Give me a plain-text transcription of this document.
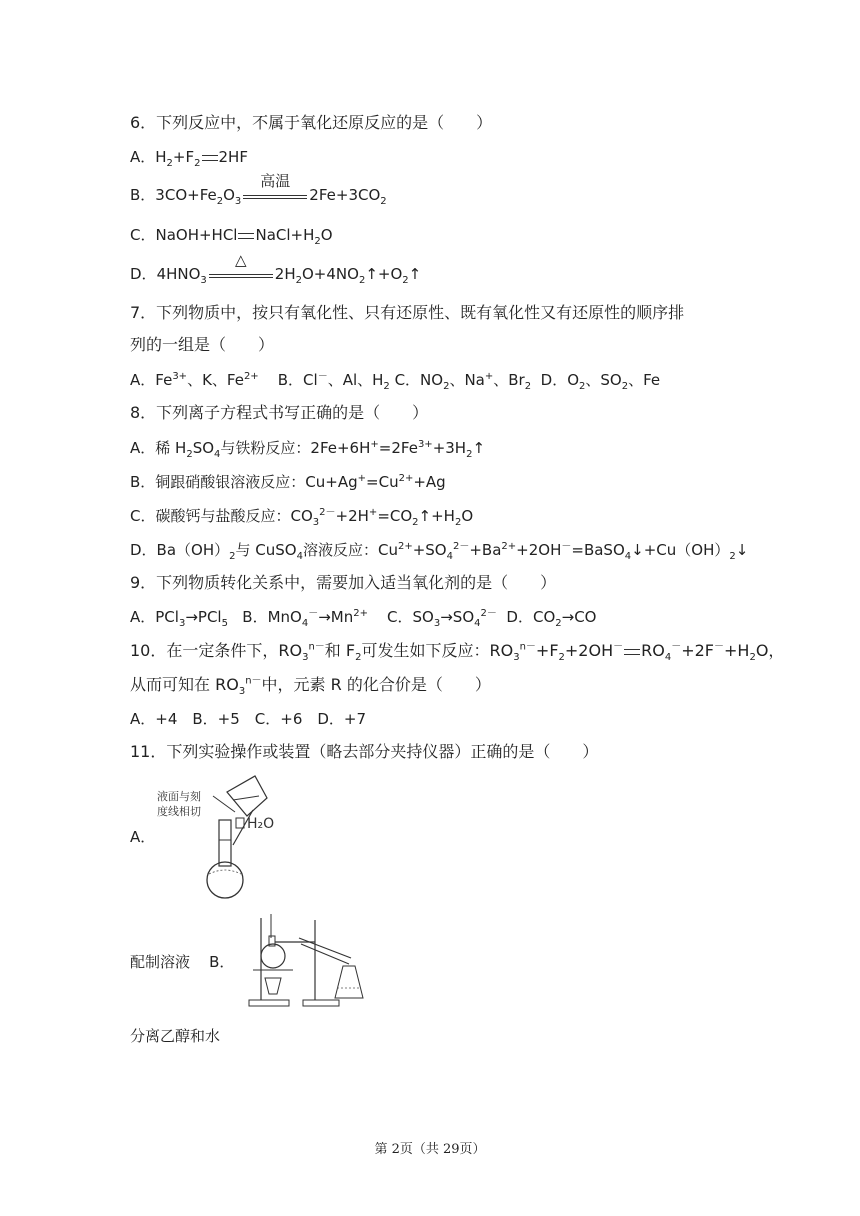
6．下列反应中，不属于氧化还原反应的是（　　）
A．$H_2+F_2$ 2HF
B．$3CO+Fe_2O_3$
高温
$2Fe+3CO_2$
C．NaOH+HCl $NaCl+H_2O$
D．$4HNO_3$
△
$2H_2O+4NO_2↑+O_2↑$
7．下列物质中，按只有氧化性、只有还原性、既有氧化性又有还原性的顺序排
列的一组是（　　）
A．$Fe^{3+}$、K、$Fe^{2+}$    B．Cl－、Al、$H_2$ C．$NO_2$、Na+、$Br_2$  D．$O_2$、$SO_2$、Fe
8．下列离子方程式书写正确的是（　　）
A．稀 $H_2SO_4$与铁粉反应：$2Fe+6H^+=2Fe^{3+}+3H_2↑$
B．铜跟硝酸银溶液反应：$Cu+Ag^+=Cu^{2+}+Ag$
C．碳酸钙与盐酸反应：$CO_3^{2-}+2H^+=CO_2↑+H_2O$
D．$Ba(OH)_2$与 CuSO$_4$溶液反应：$Cu^{2+}+SO_4^{2-}+Ba^{2+}+2OH^-=BaSO_4↓+Cu(OH)_2↓$
9．下列物质转化关系中，需要加入适当氧化剂的是（　　）
A．PCl$_3$→PCl$_5$   B．$MnO_4^-\to Mn^{2+}$    C．$SO_3\to SO_4^{2-}$  D．$CO_2\to CO$
10．在一定条件下，$RO_3^{n-}$和 $F_2$可发生如下反应：$RO_3^{n-}+F_2+2OH^-$ $RO_4^-+2F^-+H_2O$，
从而可知在 $RO_3^{n-}$中，元素 R 的化合价是（　　）
A．+4　B．+5　C．+6　D．+7
11．下列实验操作或装置（略去部分夹持仪器）正确的是（　　）
A．
液面与刻
度线相切
H₂O
配制溶液 B．
分离乙醇和水
第 2页（共 29页）
